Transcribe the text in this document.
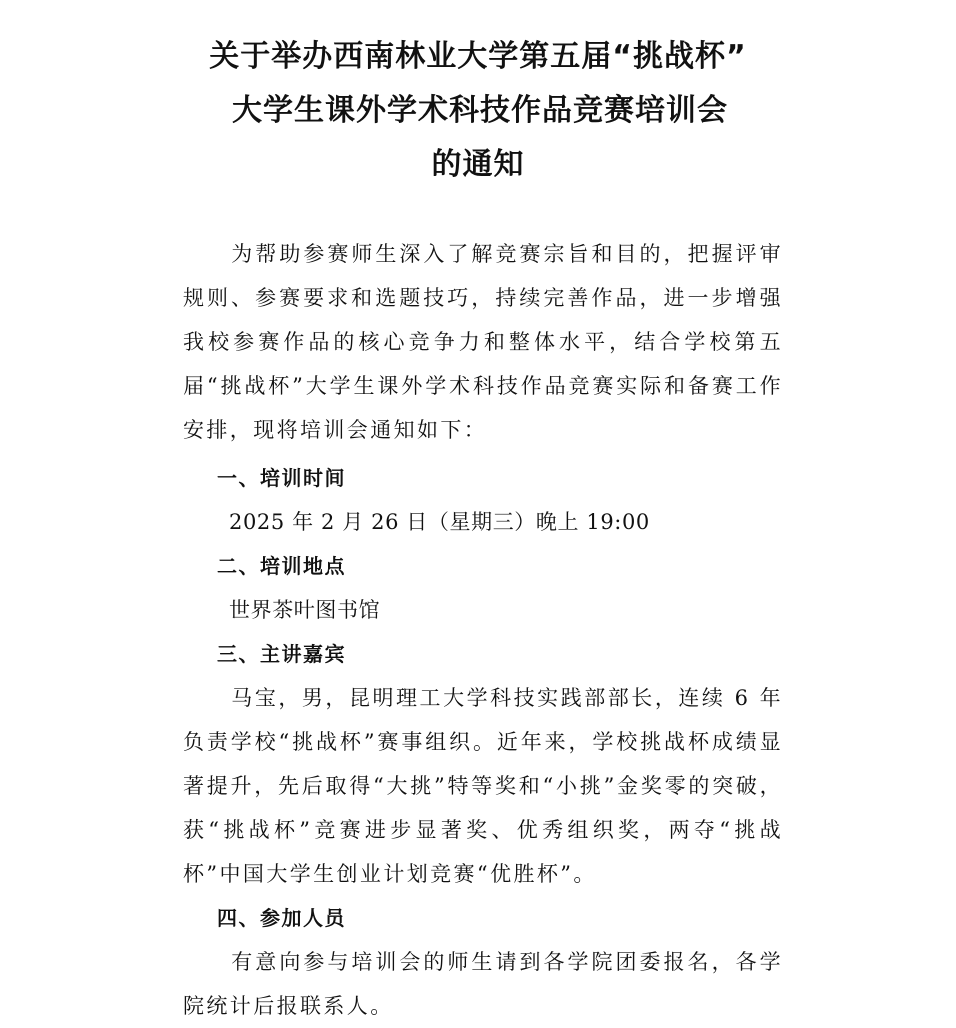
关于举办西南林业大学第五届“挑战杯”
大学生课外学术科技作品竞赛培训会
的通知

为帮助参赛师生深入了解竞赛宗旨和目的，把握评审规则、参赛要求和选题技巧，持续完善作品，进一步增强我校参赛作品的核心竞争力和整体水平，结合学校第五届“挑战杯”大学生课外学术科技作品竞赛实际和备赛工作安排，现将培训会通知如下：

一、培训时间

2025 年 2 月 26 日（星期三）晚上 19:00

二、培训地点

世界茶叶图书馆

三、主讲嘉宾

马宝，男，昆明理工大学科技实践部部长，连续 6 年负责学校“挑战杯”赛事组织。近年来，学校挑战杯成绩显著提升，先后取得“大挑”特等奖和“小挑”金奖零的突破，获“挑战杯”竞赛进步显著奖、优秀组织奖，两夺“挑战杯”中国大学生创业计划竞赛“优胜杯”。

四、参加人员

有意向参与培训会的师生请到各学院团委报名，各学院统计后报联系人。
